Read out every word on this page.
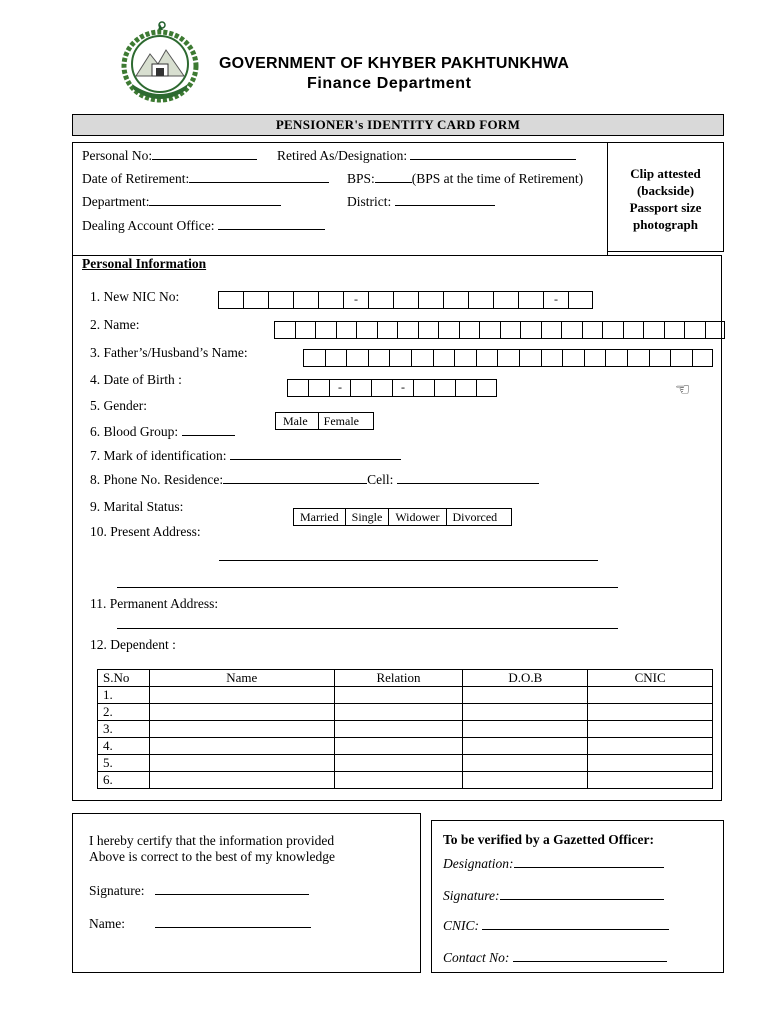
GOVERNMENT OF KHYBER PAKHTUNKHWA
Finance Department
PENSIONER's IDENTITY CARD FORM
Clip attested
(backside)
Passport size
photograph
Personal No:	Retired As/Designation:
Date of Retirement:	BPS:	(BPS at the time of Retirement)
Department:	District:
Dealing Account Office:
Personal Information
1. New NIC No:	-	-
2. Name:
3. Father’s/Husband’s Name:
4. Date of Birth :	-	-	☜
5. Gender:
Male	Female
6. Blood Group:
7. Mark of identification:
8. Phone No. Residence:	Cell:
9. Marital Status:
Married	Single	Widower	Divorced
10. Present Address:
11. Permanent Address:
12. Dependent :
S.No	Name	Relation	D.O.B	CNIC
1.				
2.				
3.				
4.				
5.				
6.				
I hereby certify that the information provided
Above is correct to the best of my knowledge
Signature:
Name:
To be verified by a Gazetted Officer:
Designation:
Signature:
CNIC:
Contact No:
